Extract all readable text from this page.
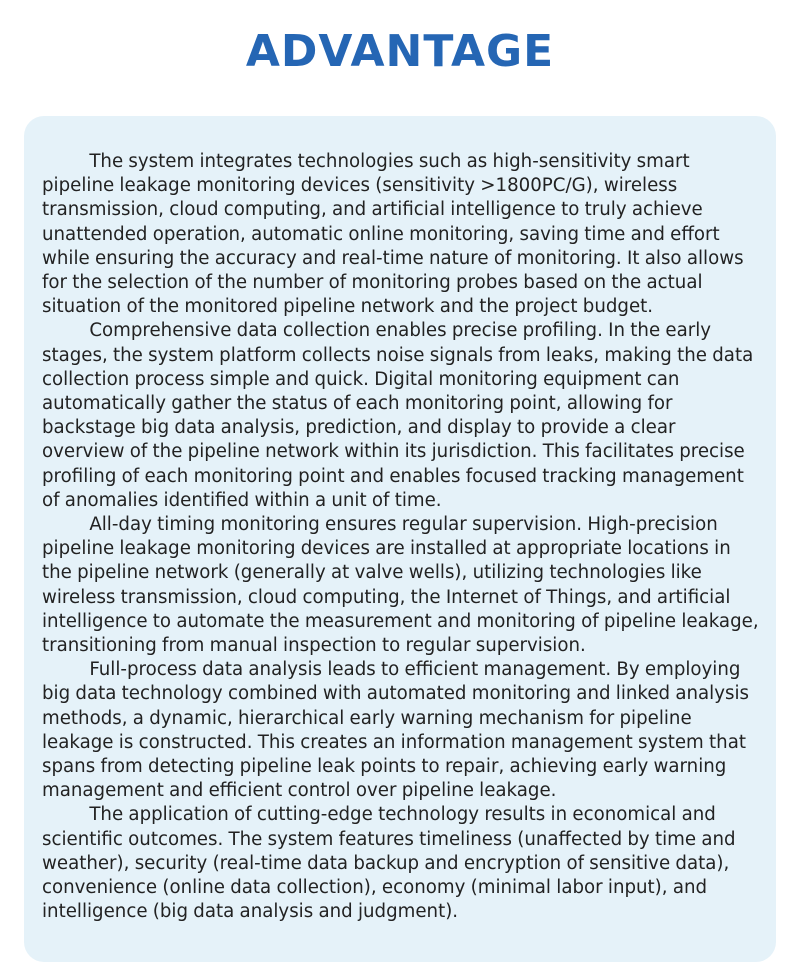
ADVANTAGE

The system integrates technologies such as high-sensitivity smart pipeline leakage monitoring devices (sensitivity >1800PC/G), wireless transmission, cloud computing, and artificial intelligence to truly achieve unattended operation, automatic online monitoring, saving time and effort while ensuring the accuracy and real-time nature of monitoring. It also allows for the selection of the number of monitoring probes based on the actual situation of the monitored pipeline network and the project budget.

Comprehensive data collection enables precise profiling. In the early stages, the system platform collects noise signals from leaks, making the data collection process simple and quick. Digital monitoring equipment can automatically gather the status of each monitoring point, allowing for backstage big data analysis, prediction, and display to provide a clear overview of the pipeline network within its jurisdiction. This facilitates precise profiling of each monitoring point and enables focused tracking management of anomalies identified within a unit of time.

All-day timing monitoring ensures regular supervision. High-precision pipeline leakage monitoring devices are installed at appropriate locations in the pipeline network (generally at valve wells), utilizing technologies like wireless transmission, cloud computing, the Internet of Things, and artificial intelligence to automate the measurement and monitoring of pipeline leakage, transitioning from manual inspection to regular supervision.

Full-process data analysis leads to efficient management. By employing big data technology combined with automated monitoring and linked analysis methods, a dynamic, hierarchical early warning mechanism for pipeline leakage is constructed. This creates an information management system that spans from detecting pipeline leak points to repair, achieving early warning management and efficient control over pipeline leakage.

The application of cutting-edge technology results in economical and scientific outcomes. The system features timeliness (unaffected by time and weather), security (real-time data backup and encryption of sensitive data), convenience (online data collection), economy (minimal labor input), and intelligence (big data analysis and judgment).
